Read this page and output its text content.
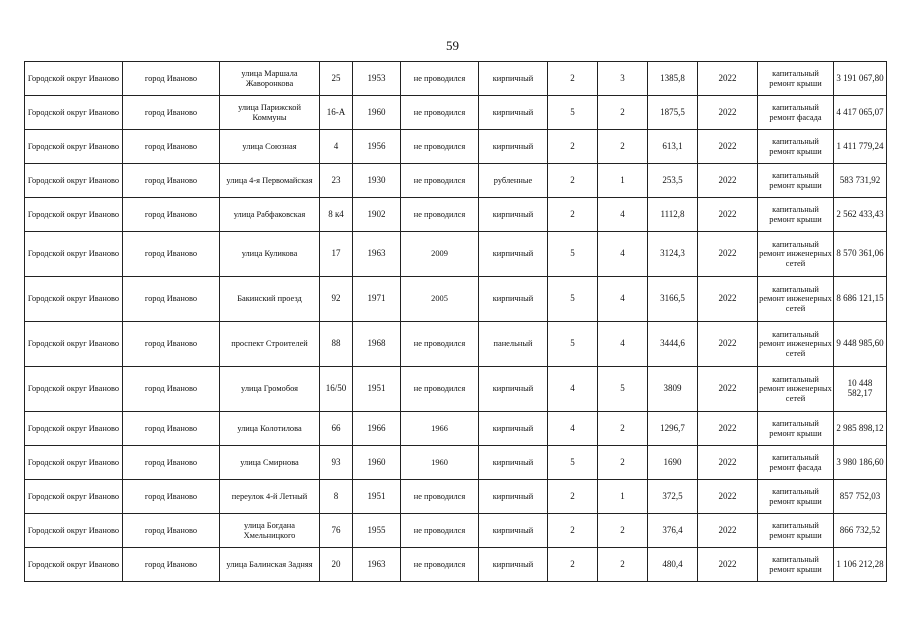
59
Городской округ Иваново	город Иваново	улица Маршала Жаворонкова	25	1953	не проводился	кирпичный	2	3	1385,8	2022	капитальный ремонт крыши	3 191 067,80
Городской округ Иваново	город Иваново	улица Парижской Коммуны	16-А	1960	не проводился	кирпичный	5	2	1875,5	2022	капитальный ремонт фасада	4 417 065,07
Городской округ Иваново	город Иваново	улица Союзная	4	1956	не проводился	кирпичный	2	2	613,1	2022	капитальный ремонт крыши	1 411 779,24
Городской округ Иваново	город Иваново	улица 4-я Первомайская	23	1930	не проводился	рубленные	2	1	253,5	2022	капитальный ремонт крыши	583 731,92
Городской округ Иваново	город Иваново	улица Рабфаковская	8 к4	1902	не проводился	кирпичный	2	4	1112,8	2022	капитальный ремонт крыши	2 562 433,43
Городской округ Иваново	город Иваново	улица Куликова	17	1963	2009	кирпичный	5	4	3124,3	2022	капитальный ремонт инженерных сетей	8 570 361,06
Городской округ Иваново	город Иваново	Бакинский проезд	92	1971	2005	кирпичный	5	4	3166,5	2022	капитальный ремонт инженерных сетей	8 686 121,15
Городской округ Иваново	город Иваново	проспект Строителей	88	1968	не проводился	панельный	5	4	3444,6	2022	капитальный ремонт инженерных сетей	9 448 985,60
Городской округ Иваново	город Иваново	улица Громобоя	16/50	1951	не проводился	кирпичный	4	5	3809	2022	капитальный ремонт инженерных сетей	10 448 582,17
Городской округ Иваново	город Иваново	улица Колотилова	66	1966	1966	кирпичный	4	2	1296,7	2022	капитальный ремонт крыши	2 985 898,12
Городской округ Иваново	город Иваново	улица Смирнова	93	1960	1960	кирпичный	5	2	1690	2022	капитальный ремонт фасада	3 980 186,60
Городской округ Иваново	город Иваново	переулок 4-й Летный	8	1951	не проводился	кирпичный	2	1	372,5	2022	капитальный ремонт крыши	857 752,03
Городской округ Иваново	город Иваново	улица Богдана Хмельницкого	76	1955	не проводился	кирпичный	2	2	376,4	2022	капитальный ремонт крыши	866 732,52
Городской округ Иваново	город Иваново	улица Балинская Задняя	20	1963	не проводился	кирпичный	2	2	480,4	2022	капитальный ремонт крыши	1 106 212,28
